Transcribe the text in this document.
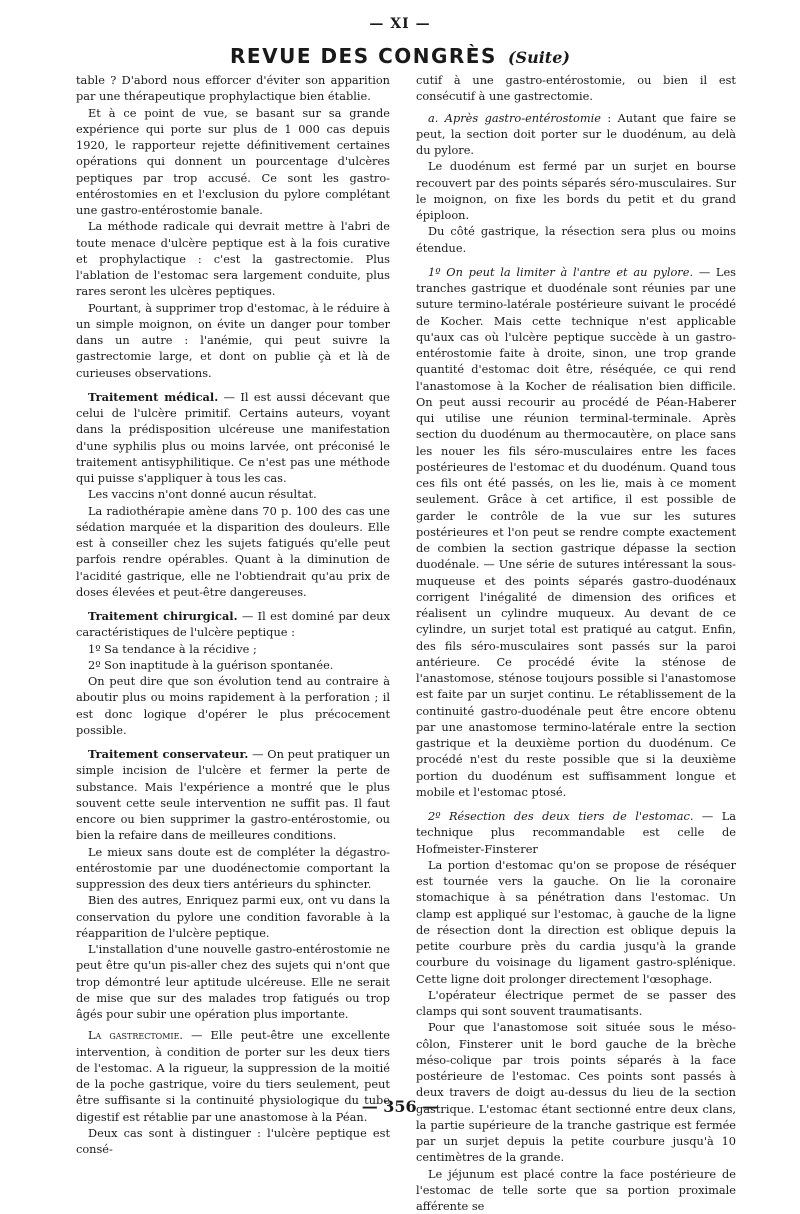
— XI —
REVUE DES CONGRÈS (Suite)

table ? D'abord nous efforcer d'éviter son apparition par une thérapeutique prophylactique bien établie.

Et à ce point de vue, se basant sur sa grande expérience qui porte sur plus de 1 000 cas depuis 1920, le rapporteur rejette définitivement certaines opérations qui donnent un pourcentage d'ulcères peptiques par trop accusé. Ce sont les gastro-entérostomies en et l'exclusion du pylore complétant une gastro-entérostomie banale.

La méthode radicale qui devrait mettre à l'abri de toute menace d'ulcère peptique est à la fois curative et prophylactique : c'est la gastrectomie. Plus l'ablation de l'estomac sera largement conduite, plus rares seront les ulcères peptiques.

Pourtant, à supprimer trop d'estomac, à le réduire à un simple moignon, on évite un danger pour tomber dans un autre : l'anémie, qui peut suivre la gastrectomie large, et dont on publie çà et là de curieuses observations.

Traitement médical. — Il est aussi décevant que celui de l'ulcère primitif. Certains auteurs, voyant dans la prédisposition ulcéreuse une manifestation d'une syphilis plus ou moins larvée, ont préconisé le traitement antisyphilitique. Ce n'est pas une méthode qui puisse s'appliquer à tous les cas.

Les vaccins n'ont donné aucun résultat.

La radiothérapie amène dans 70 p. 100 des cas une sédation marquée et la disparition des douleurs. Elle est à conseiller chez les sujets fatigués qu'elle peut parfois rendre opérables. Quant à la diminution de l'acidité gastrique, elle ne l'obtiendrait qu'au prix de doses élevées et peut-être dangereuses.

Traitement chirurgical. — Il est dominé par deux caractéristiques de l'ulcère peptique :

1º Sa tendance à la récidive ;

2º Son inaptitude à la guérison spontanée.

On peut dire que son évolution tend au contraire à aboutir plus ou moins rapidement à la perforation ; il est donc logique d'opérer le plus précocement possible.

Traitement conservateur. — On peut pratiquer un simple incision de l'ulcère et fermer la perte de substance. Mais l'expérience a montré que le plus souvent cette seule intervention ne suffit pas. Il faut encore ou bien supprimer la gastro-entérostomie, ou bien la refaire dans de meilleures conditions.

Le mieux sans doute est de compléter la dégastro-entérostomie par une duodénectomie comportant la suppression des deux tiers antérieurs du sphincter.

Bien des autres, Enriquez parmi eux, ont vu dans la conservation du pylore une condition favorable à la réapparition de l'ulcère peptique.

L'installation d'une nouvelle gastro-entérostomie ne peut être qu'un pis-aller chez des sujets qui n'ont que trop démontré leur aptitude ulcéreuse. Elle ne serait de mise que sur des malades trop fatigués ou trop âgés pour subir une opération plus importante.

La gastrectomie. — Elle peut-être une excellente intervention, à condition de porter sur les deux tiers de l'estomac. A la rigueur, la suppression de la moitié de la poche gastrique, voire du tiers seulement, peut être suffisante si la continuité physiologique du tube digestif est rétablie par une anastomose à la Péan.

Deux cas sont à distinguer : l'ulcère peptique est consé-

cutif à une gastro-entérostomie, ou bien il est consécutif à une gastrectomie.

a. Après gastro-entérostomie : Autant que faire se peut, la section doit porter sur le duodénum, au delà du pylore.

Le duodénum est fermé par un surjet en bourse recouvert par des points séparés séro-musculaires. Sur le moignon, on fixe les bords du petit et du grand épiploon.

Du côté gastrique, la résection sera plus ou moins étendue.

1º On peut la limiter à l'antre et au pylore. — Les tranches gastrique et duodénale sont réunies par une suture termino-latérale postérieure suivant le procédé de Kocher. Mais cette technique n'est applicable qu'aux cas où l'ulcère peptique succède à un gastro-entérostomie faite à droite, sinon, une trop grande quantité d'estomac doit être, réséquée, ce qui rend l'anastomose à la Kocher de réalisation bien difficile. On peut aussi recourir au procédé de Péan-Haberer qui utilise une réunion terminal-terminale. Après section du duodénum au thermocautère, on place sans les nouer les fils séro-musculaires entre les faces postérieures de l'estomac et du duodénum. Quand tous ces fils ont été passés, on les lie, mais à ce moment seulement. Grâce à cet artifice, il est possible de garder le contrôle de la vue sur les sutures postérieures et l'on peut se rendre compte exactement de combien la section gastrique dépasse la section duodénale. — Une série de sutures intéressant la sous-muqueuse et des points séparés gastro-duodénaux corrigent l'inégalité de dimension des orifices et réalisent un cylindre muqueux. Au devant de ce cylindre, un surjet total est pratiqué au catgut. Enfin, des fils séro-musculaires sont passés sur la paroi antérieure. Ce procédé évite la sténose de l'anastomose, sténose toujours possible si l'anastomose est faite par un surjet continu. Le rétablissement de la continuité gastro-duodénale peut être encore obtenu par une anastomose termino-latérale entre la section gastrique et la deuxième portion du duodénum. Ce procédé n'est du reste possible que si la deuxième portion du duodénum est suffisamment longue et mobile et l'estomac ptosé.

2º Résection des deux tiers de l'estomac. — La technique plus recommandable est celle de Hofmeister-Finsterer

La portion d'estomac qu'on se propose de réséquer est tournée vers la gauche. On lie la coronaire stomachique à sa pénétration dans l'estomac. Un clamp est appliqué sur l'estomac, à gauche de la ligne de résection dont la direction est oblique depuis la petite courbure près du cardia jusqu'à la grande courbure du voisinage du ligament gastro-splénique. Cette ligne doit prolonger directement l'œsophage.

L'opérateur électrique permet de se passer des clamps qui sont souvent traumatisants.

Pour que l'anastomose soit située sous le méso-côlon, Finsterer unit le bord gauche de la brèche méso-colique par trois points séparés à la face postérieure de l'estomac. Ces points sont passés à deux travers de doigt au-dessus du lieu de la section gastrique. L'estomac étant sectionné entre deux clans, la partie supérieure de la tranche gastrique est fermée par un surjet depuis la petite courbure jusqu'à 10 centimètres de la grande.

Le jéjunum est placé contre la face postérieure de l'estomac de telle sorte que sa portion proximale afférente se

— 356 —
